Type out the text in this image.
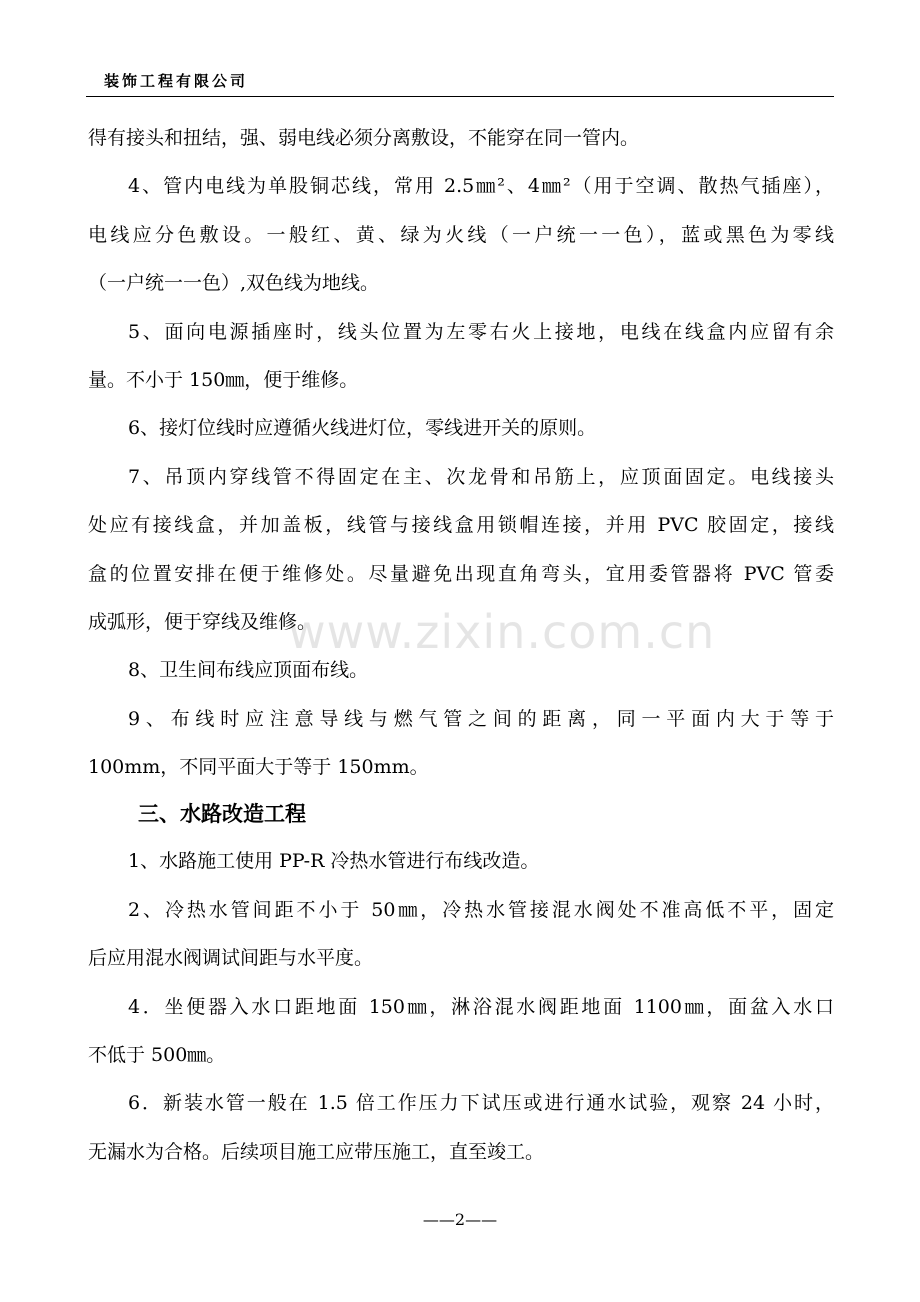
装饰工程有限公司
www.zixin.com.cn
得有接头和扭结，强、弱电线必须分离敷设，不能穿在同一管内。
4、管内电线为单股铜芯线，常用 2.5㎜²、4㎜²（用于空调、散热气插座），
电线应分色敷设。一般红、黄、绿为火线（一户统一一色），蓝或黑色为零线
（一户统一一色）,双色线为地线。
5、面向电源插座时，线头位置为左零右火上接地，电线在线盒内应留有余
量。不小于 150㎜，便于维修。
6、接灯位线时应遵循火线进灯位，零线进开关的原则。
7、吊顶内穿线管不得固定在主、次龙骨和吊筋上，应顶面固定。电线接头
处应有接线盒，并加盖板，线管与接线盒用锁帽连接，并用 PVC 胶固定，接线
盒的位置安排在便于维修处。尽量避免出现直角弯头，宜用委管器将 PVC 管委
成弧形，便于穿线及维修。
8、卫生间布线应顶面布线。
9、布线时应注意导线与燃气管之间的距离，同一平面内大于等于
100mm，不同平面大于等于 150mm。
三、水路改造工程
1、水路施工使用 PP-R 冷热水管进行布线改造。
2、冷热水管间距不小于 50㎜，冷热水管接混水阀处不准高低不平，固定
后应用混水阀调试间距与水平度。
4．坐便器入水口距地面 150㎜，淋浴混水阀距地面 1100㎜，面盆入水口
不低于 500㎜。
6．新装水管一般在 1.5 倍工作压力下试压或进行通水试验，观察 24 小时，
无漏水为合格。后续项目施工应带压施工，直至竣工。
——2——
